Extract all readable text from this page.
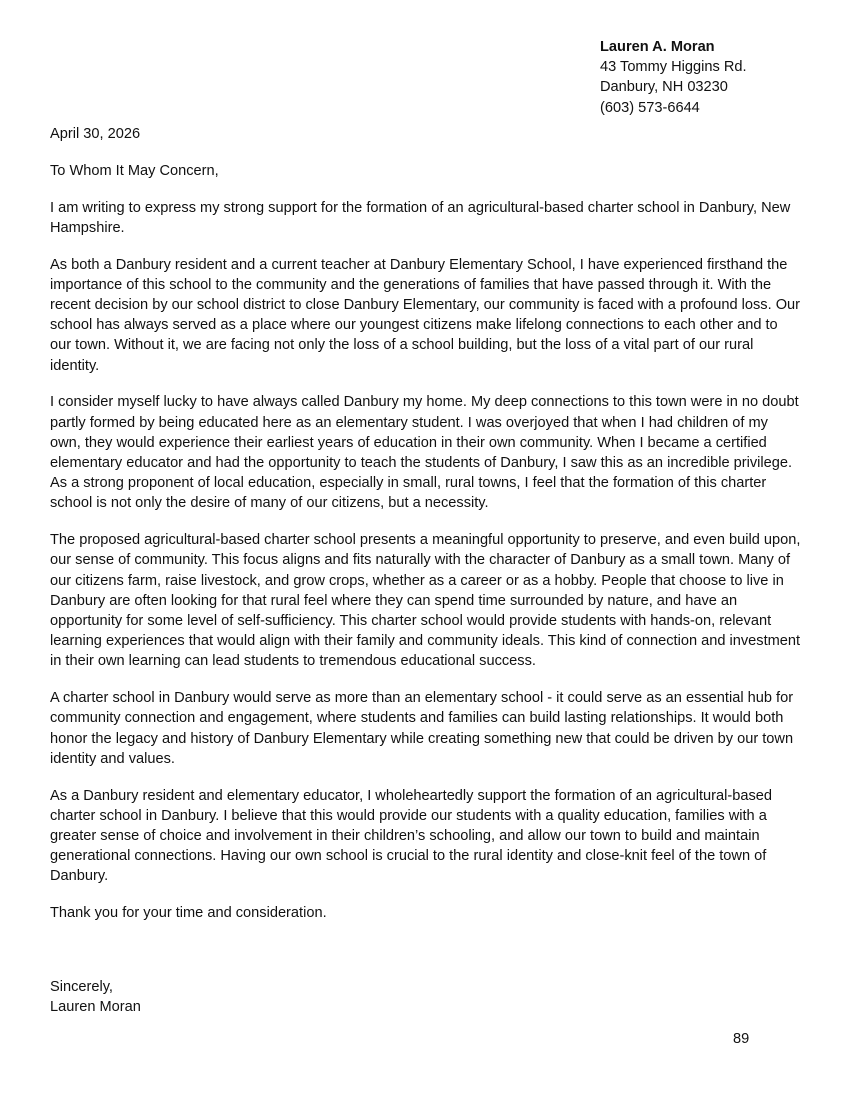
Lauren A. Moran
43 Tommy Higgins Rd.
Danbury, NH 03230
(603) 573-6644

April 30, 2026

To Whom It May Concern,

I am writing to express my strong support for the formation of an agricultural-based charter school in Danbury, New Hampshire.

As both a Danbury resident and a current teacher at Danbury Elementary School, I have experienced firsthand the importance of this school to the community and the generations of families that have passed through it. With the recent decision by our school district to close Danbury Elementary, our community is faced with a profound loss. Our school has always served as a place where our youngest citizens make lifelong connections to each other and to our town. Without it, we are facing not only the loss of a school building, but the loss of a vital part of our rural identity.

I consider myself lucky to have always called Danbury my home. My deep connections to this town were in no doubt partly formed by being educated here as an elementary student. I was overjoyed that when I had children of my own, they would experience their earliest years of education in their own community. When I became a certified elementary educator and had the opportunity to teach the students of Danbury, I saw this as an incredible privilege. As a strong proponent of local education, especially in small, rural towns, I feel that the formation of this charter school is not only the desire of many of our citizens, but a necessity.

The proposed agricultural-based charter school presents a meaningful opportunity to preserve, and even build upon, our sense of community. This focus aligns and fits naturally with the character of Danbury as a small town. Many of our citizens farm, raise livestock, and grow crops, whether as a career or as a hobby. People that choose to live in Danbury are often looking for that rural feel where they can spend time surrounded by nature, and have an opportunity for some level of self-sufficiency. This charter school would provide students with hands-on, relevant learning experiences that would align with their family and community ideals. This kind of connection and investment in their own learning can lead students to tremendous educational success.

A charter school in Danbury would serve as more than an elementary school - it could serve as an essential hub for community connection and engagement, where students and families can build lasting relationships. It would both honor the legacy and history of Danbury Elementary while creating something new that could be driven by our town identity and values.

As a Danbury resident and elementary educator, I wholeheartedly support the formation of an agricultural-based charter school in Danbury. I believe that this would provide our students with a quality education, families with a greater sense of choice and involvement in their children’s schooling, and allow our town to build and maintain generational connections. Having our own school is crucial to the rural identity and close-knit feel of the town of Danbury.

Thank you for your time and consideration.

Sincerely,
Lauren Moran
89
